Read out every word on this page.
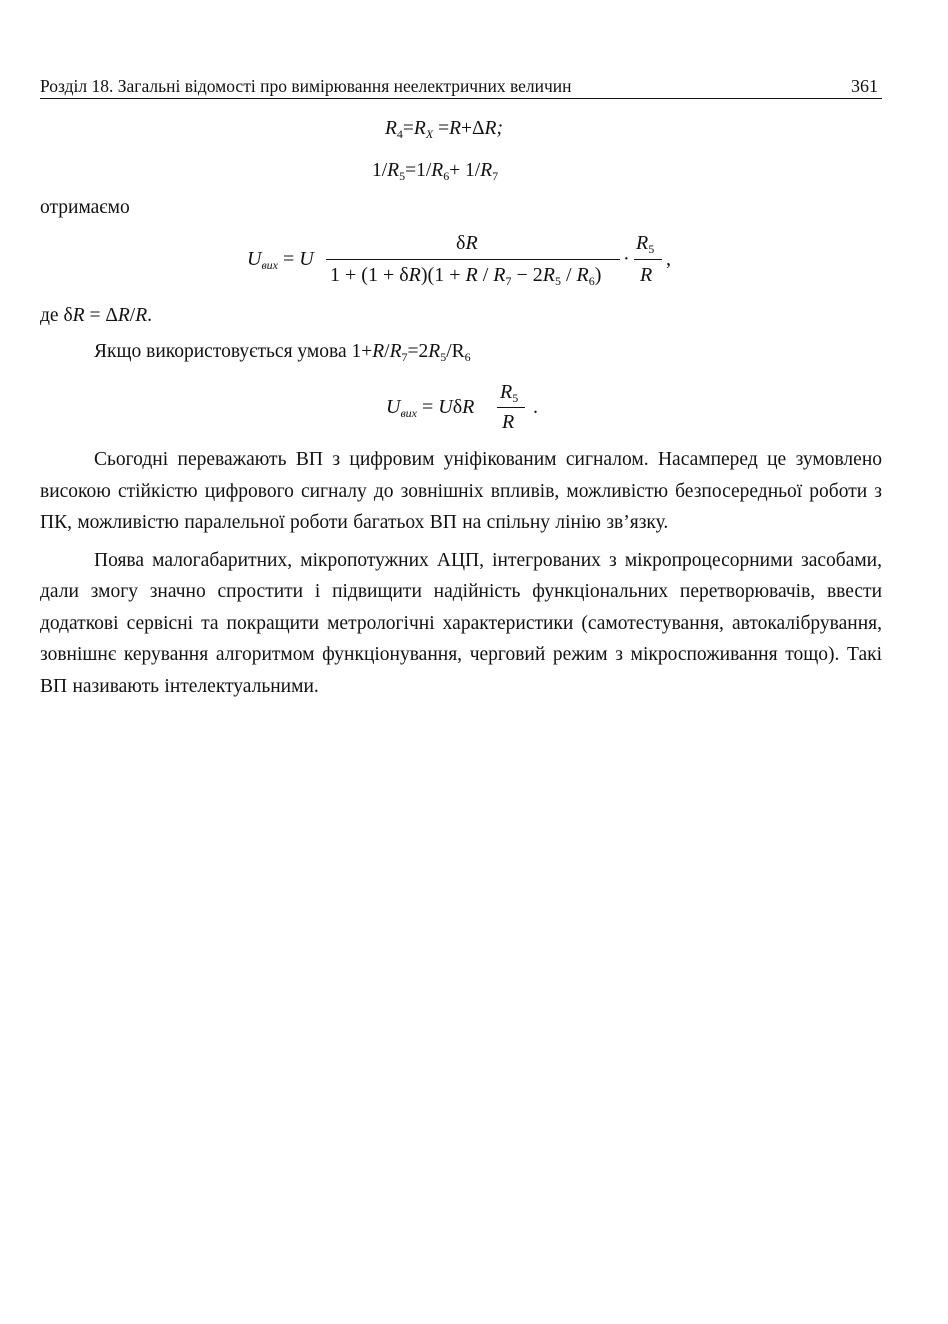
Розділ 18. Загальні відомості про вимірювання неелектричних величин	361
$R_4=R_X =R+\Delta R$;
$1/R_5=1/R_6+ 1/R_7$
отримаємо
$U_{вих} = U$
δR
$1 + (1 + \delta R)(1 + R / R_7 - 2R_5 / R_6)$
·
$R_5$
R
,
де δR = ΔR/R.
Якщо використовується умова $1+R/R_7=2R_5/R_6$
$U_{вих} = U\delta R$
$R_5$
R
.

Сьогодні переважають ВП з цифровим уніфікованим сигналом. Насамперед це зумовлено високою стійкістю цифрового сигналу до зовнішніх впливів, можливістю безпосередньої роботи з ПК, можливістю паралельної роботи багатьох ВП на спільну лінію зв’язку.

Поява малогабаритних, мікропотужних АЦП, інтегрованих з мікропроцесорними засобами, дали змогу значно спростити і підвищити надійність функціональних перетворювачів, ввести додаткові сервісні та покращити метрологічні характеристики (самотестування, автокалібрування, зовнішнє керування алгоритмом функціонування, черговий режим з мікроспоживання тощо). Такі ВП називають інтелектуальними.
